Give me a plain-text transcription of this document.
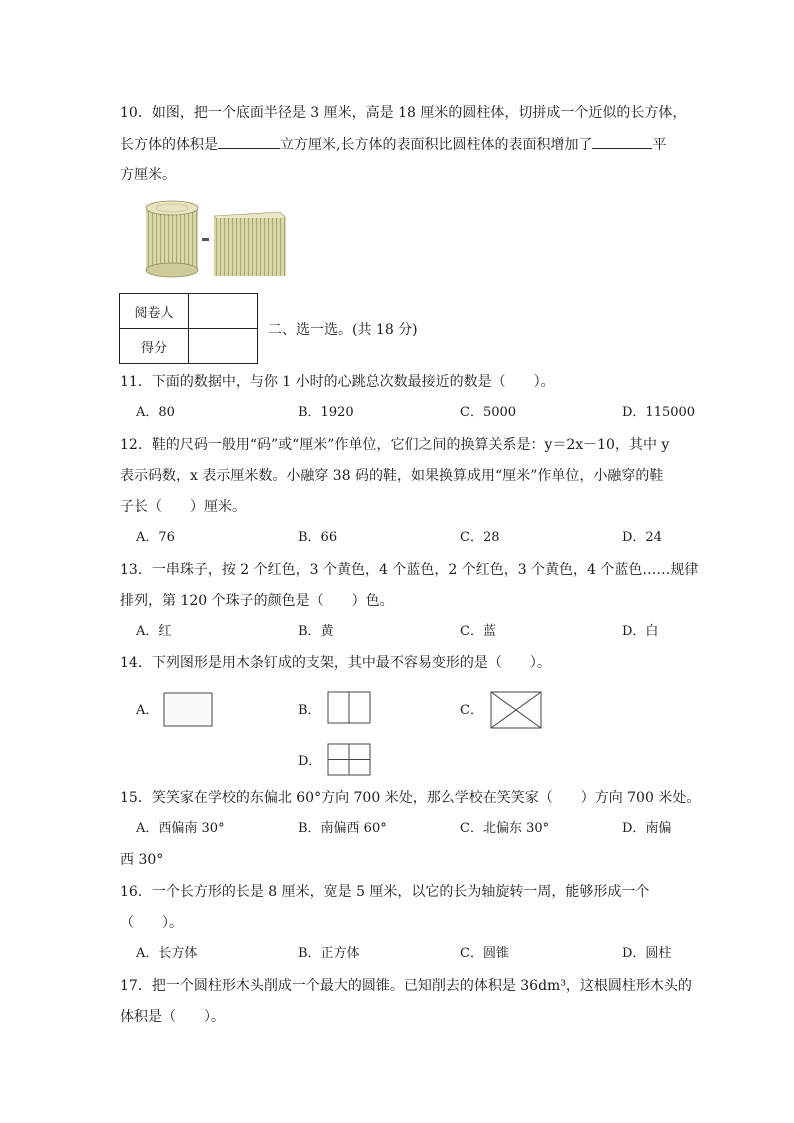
10．如图，把一个底面半径是 3 厘米，高是 18 厘米的圆柱体，切拼成一个近似的长方体，
长方体的体积是	立方厘米,长方体的表面积比圆柱体的表面积增加了	平
方厘米。
阅卷人	
得分	
二、选一选。(共 18 分)
11．下面的数据中，与你 1 小时的心跳总次数最接近的数是（　　）。
A．80	B．1920	C．5000	D．115000
12．鞋的尺码一般用“码”或“厘米”作单位，它们之间的换算关系是：y＝2x－10，其中 y
表示码数，x 表示厘米数。小融穿 38 码的鞋，如果换算成用“厘米”作单位，小融穿的鞋
子长（　　）厘米。
A．76	B．66	C．28	D．24
13．一串珠子，按 2 个红色，3 个黄色，4 个蓝色，2 个红色，3 个黄色，4 个蓝色……规律
排列，第 120 个珠子的颜色是（　　）色。
A．红	B．黄	C．蓝	D．白
14．下列图形是用木条钉成的支架，其中最不容易变形的是（　　）。
A．	B．	C．
D．
15．笑笑家在学校的东偏北 60°方向 700 米处，那么学校在笑笑家（　　）方向 700 米处。
A．西偏南 30°	B．南偏西 60°	C．北偏东 30°	D．南偏
西 30°
16．一个长方形的长是 8 厘米，宽是 5 厘米，以它的长为轴旋转一周，能够形成一个
（　　）。
A．长方体	B．正方体	C．圆锥	D．圆柱
17．把一个圆柱形木头削成一个最大的圆锥。已知削去的体积是 36dm³，这根圆柱形木头的
体积是（　　）。
